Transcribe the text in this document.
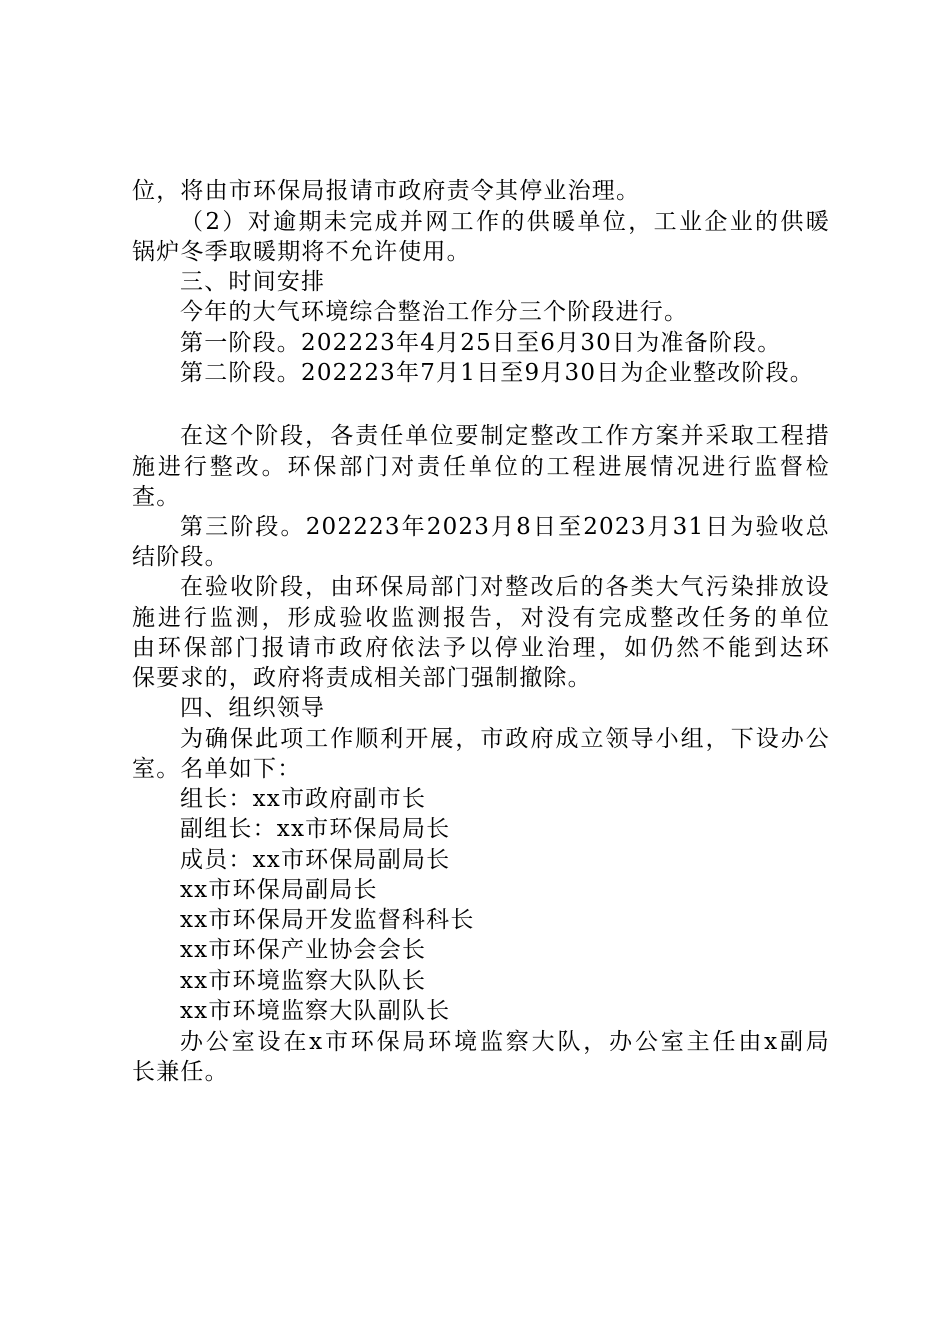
位，将由市环保局报请市政府责令其停业治理。
（2）对逾期未完成并网工作的供暖单位，工业企业的供暖
锅炉冬季取暖期将不允许使用。
三、时间安排
今年的大气环境综合整治工作分三个阶段进行。
第一阶段。202223年4月25日至6月30日为准备阶段。
第二阶段。202223年7月1日至9月30日为企业整改阶段。
在这个阶段，各责任单位要制定整改工作方案并采取工程措
施进行整改。环保部门对责任单位的工程进展情况进行监督检
查。
第三阶段。202223年2023月8日至2023月31日为验收总
结阶段。
在验收阶段，由环保局部门对整改后的各类大气污染排放设
施进行监测，形成验收监测报告，对没有完成整改任务的单位
由环保部门报请市政府依法予以停业治理，如仍然不能到达环
保要求的，政府将责成相关部门强制撤除。
四、组织领导
为确保此项工作顺利开展，市政府成立领导小组，下设办公
室。名单如下：
组长：xx市政府副市长
副组长：xx市环保局局长
成员：xx市环保局副局长
xx市环保局副局长
xx市环保局开发监督科科长
xx市环保产业协会会长
xx市环境监察大队队长
xx市环境监察大队副队长
办公室设在x市环保局环境监察大队，办公室主任由x副局
长兼任。
